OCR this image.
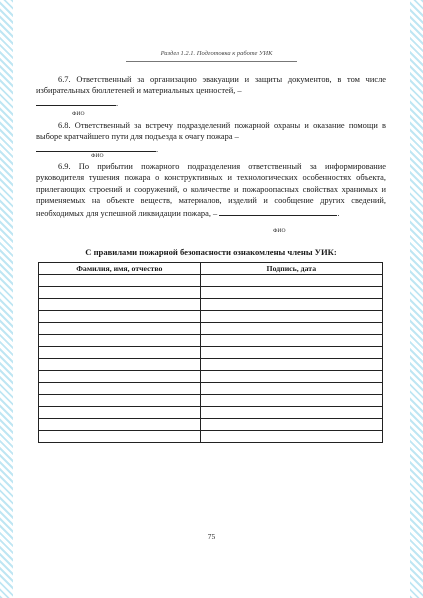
Раздел 1.2.1. Подготовка к работе УИК
6.7. Ответственный за организацию эвакуации и защиты документов, в том числе избирательных бюллетеней и материальных ценностей, –
.
ФИО
6.8. Ответственный за встречу подразделений пожарной охраны и оказание помощи в выборе кратчайшего пути для подъезда к очагу пожара –
.
ФИО
6.9. По прибытии пожарного подразделения ответственный за информирование руководителя тушения пожара о конструктивных и технологических особенностях объекта, прилегающих строений и сооружений, о количестве и пожароопасных свойствах хранимых и применяемых на объекте веществ, материалов, изделий и сообщение других сведений, необходимых для успешной ликвидации пожара, –	.
ФИО
С правилами пожарной безопасности ознакомлены члены УИК:
Фамилия, имя, отчество	Подпись, дата

75
